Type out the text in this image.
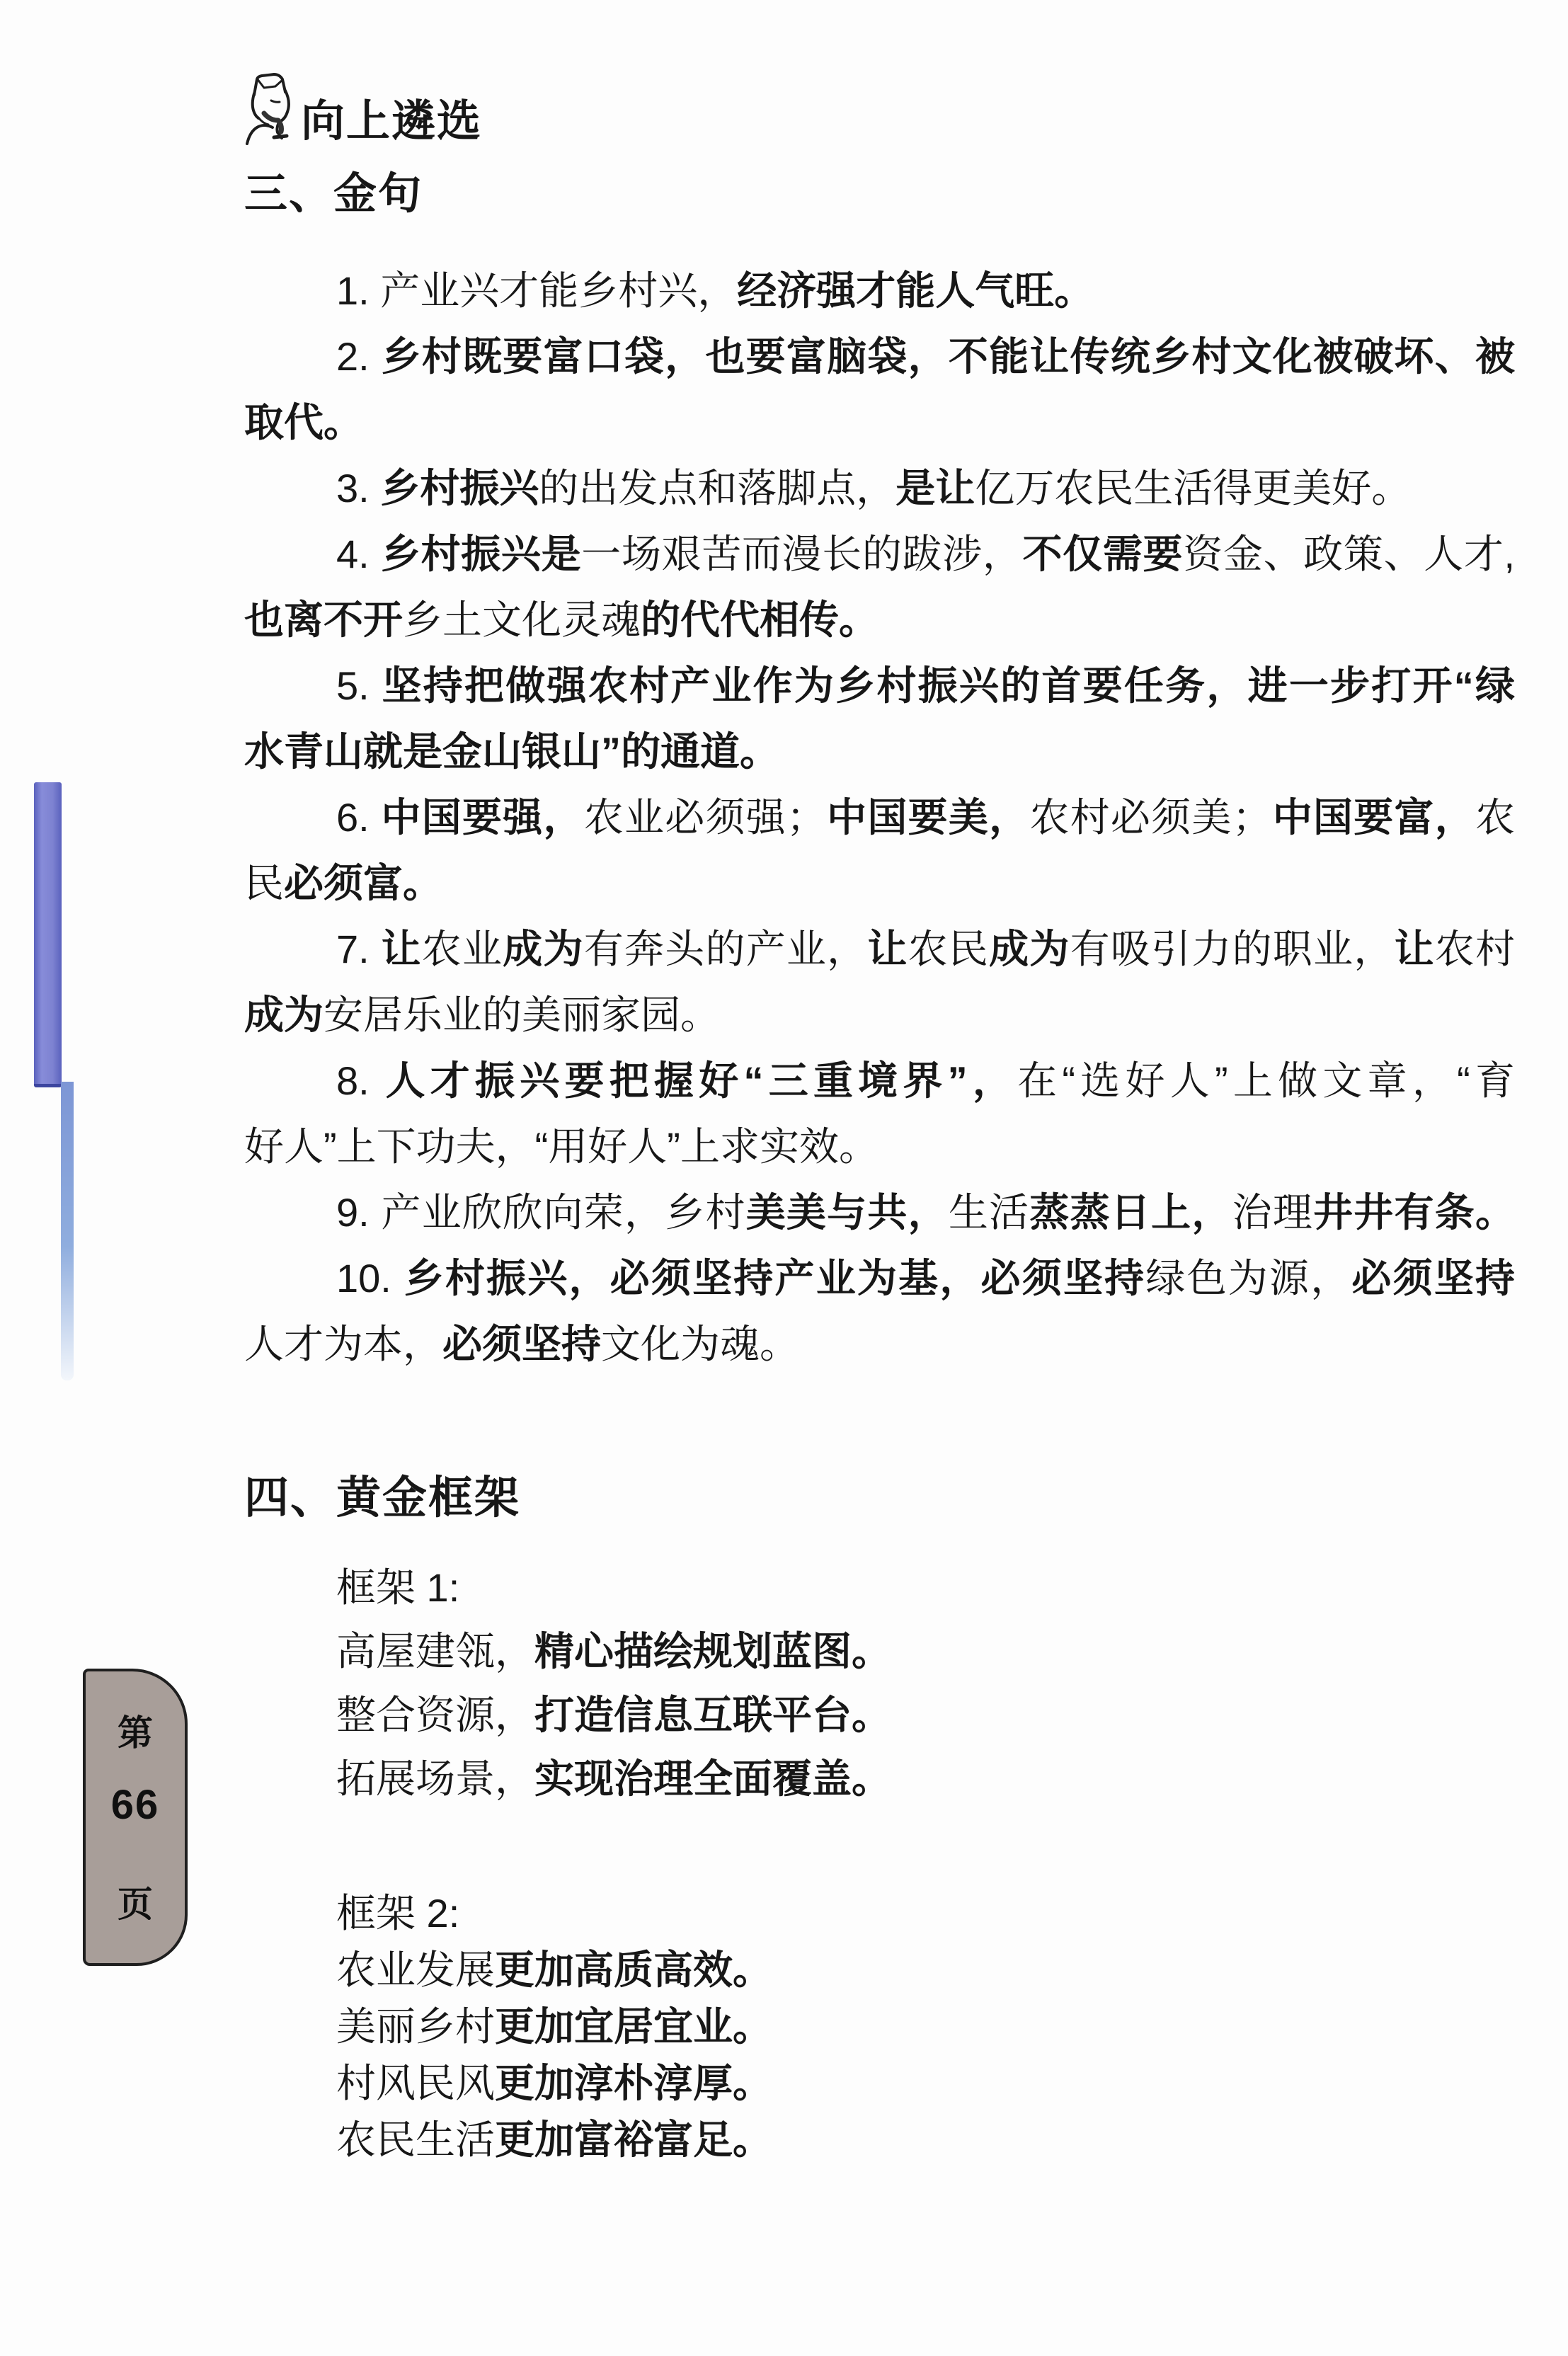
向上遴选
三、金句
1. 产业兴才能乡村兴，经济强才能人气旺。
2. 乡村既要富口袋，也要富脑袋，不能让传统乡村文化被破坏、被
取代。
3. 乡村振兴的出发点和落脚点，是让亿万农民生活得更美好。
4. 乡村振兴是一场艰苦而漫长的跋涉，不仅需要资金、政策、人才,
也离不开乡土文化灵魂的代代相传。
5. 坚持把做强农村产业作为乡村振兴的首要任务，进一步打开“绿
水青山就是金山银山”的通道。
6. 中国要强，农业必须强；中国要美，农村必须美；中国要富，农
民必须富。
7. 让农业成为有奔头的产业，让农民成为有吸引力的职业，让农村
成为安居乐业的美丽家园。
8. 人才振兴要把握好“三重境界”，在“选好人”上做文章，“育
好人”上下功夫，“用好人”上求实效。
9. 产业欣欣向荣，乡村美美与共，生活蒸蒸日上，治理井井有条。
10. 乡村振兴，必须坚持产业为基，必须坚持绿色为源，必须坚持
人才为本，必须坚持文化为魂。
四、黄金框架
框架 1:
高屋建瓴，精心描绘规划蓝图。
整合资源，打造信息互联平台。
拓展场景，实现治理全面覆盖。
框架 2:
农业发展更加高质高效。
美丽乡村更加宜居宜业。
村风民风更加淳朴淳厚。
农民生活更加富裕富足。
第
66
页
